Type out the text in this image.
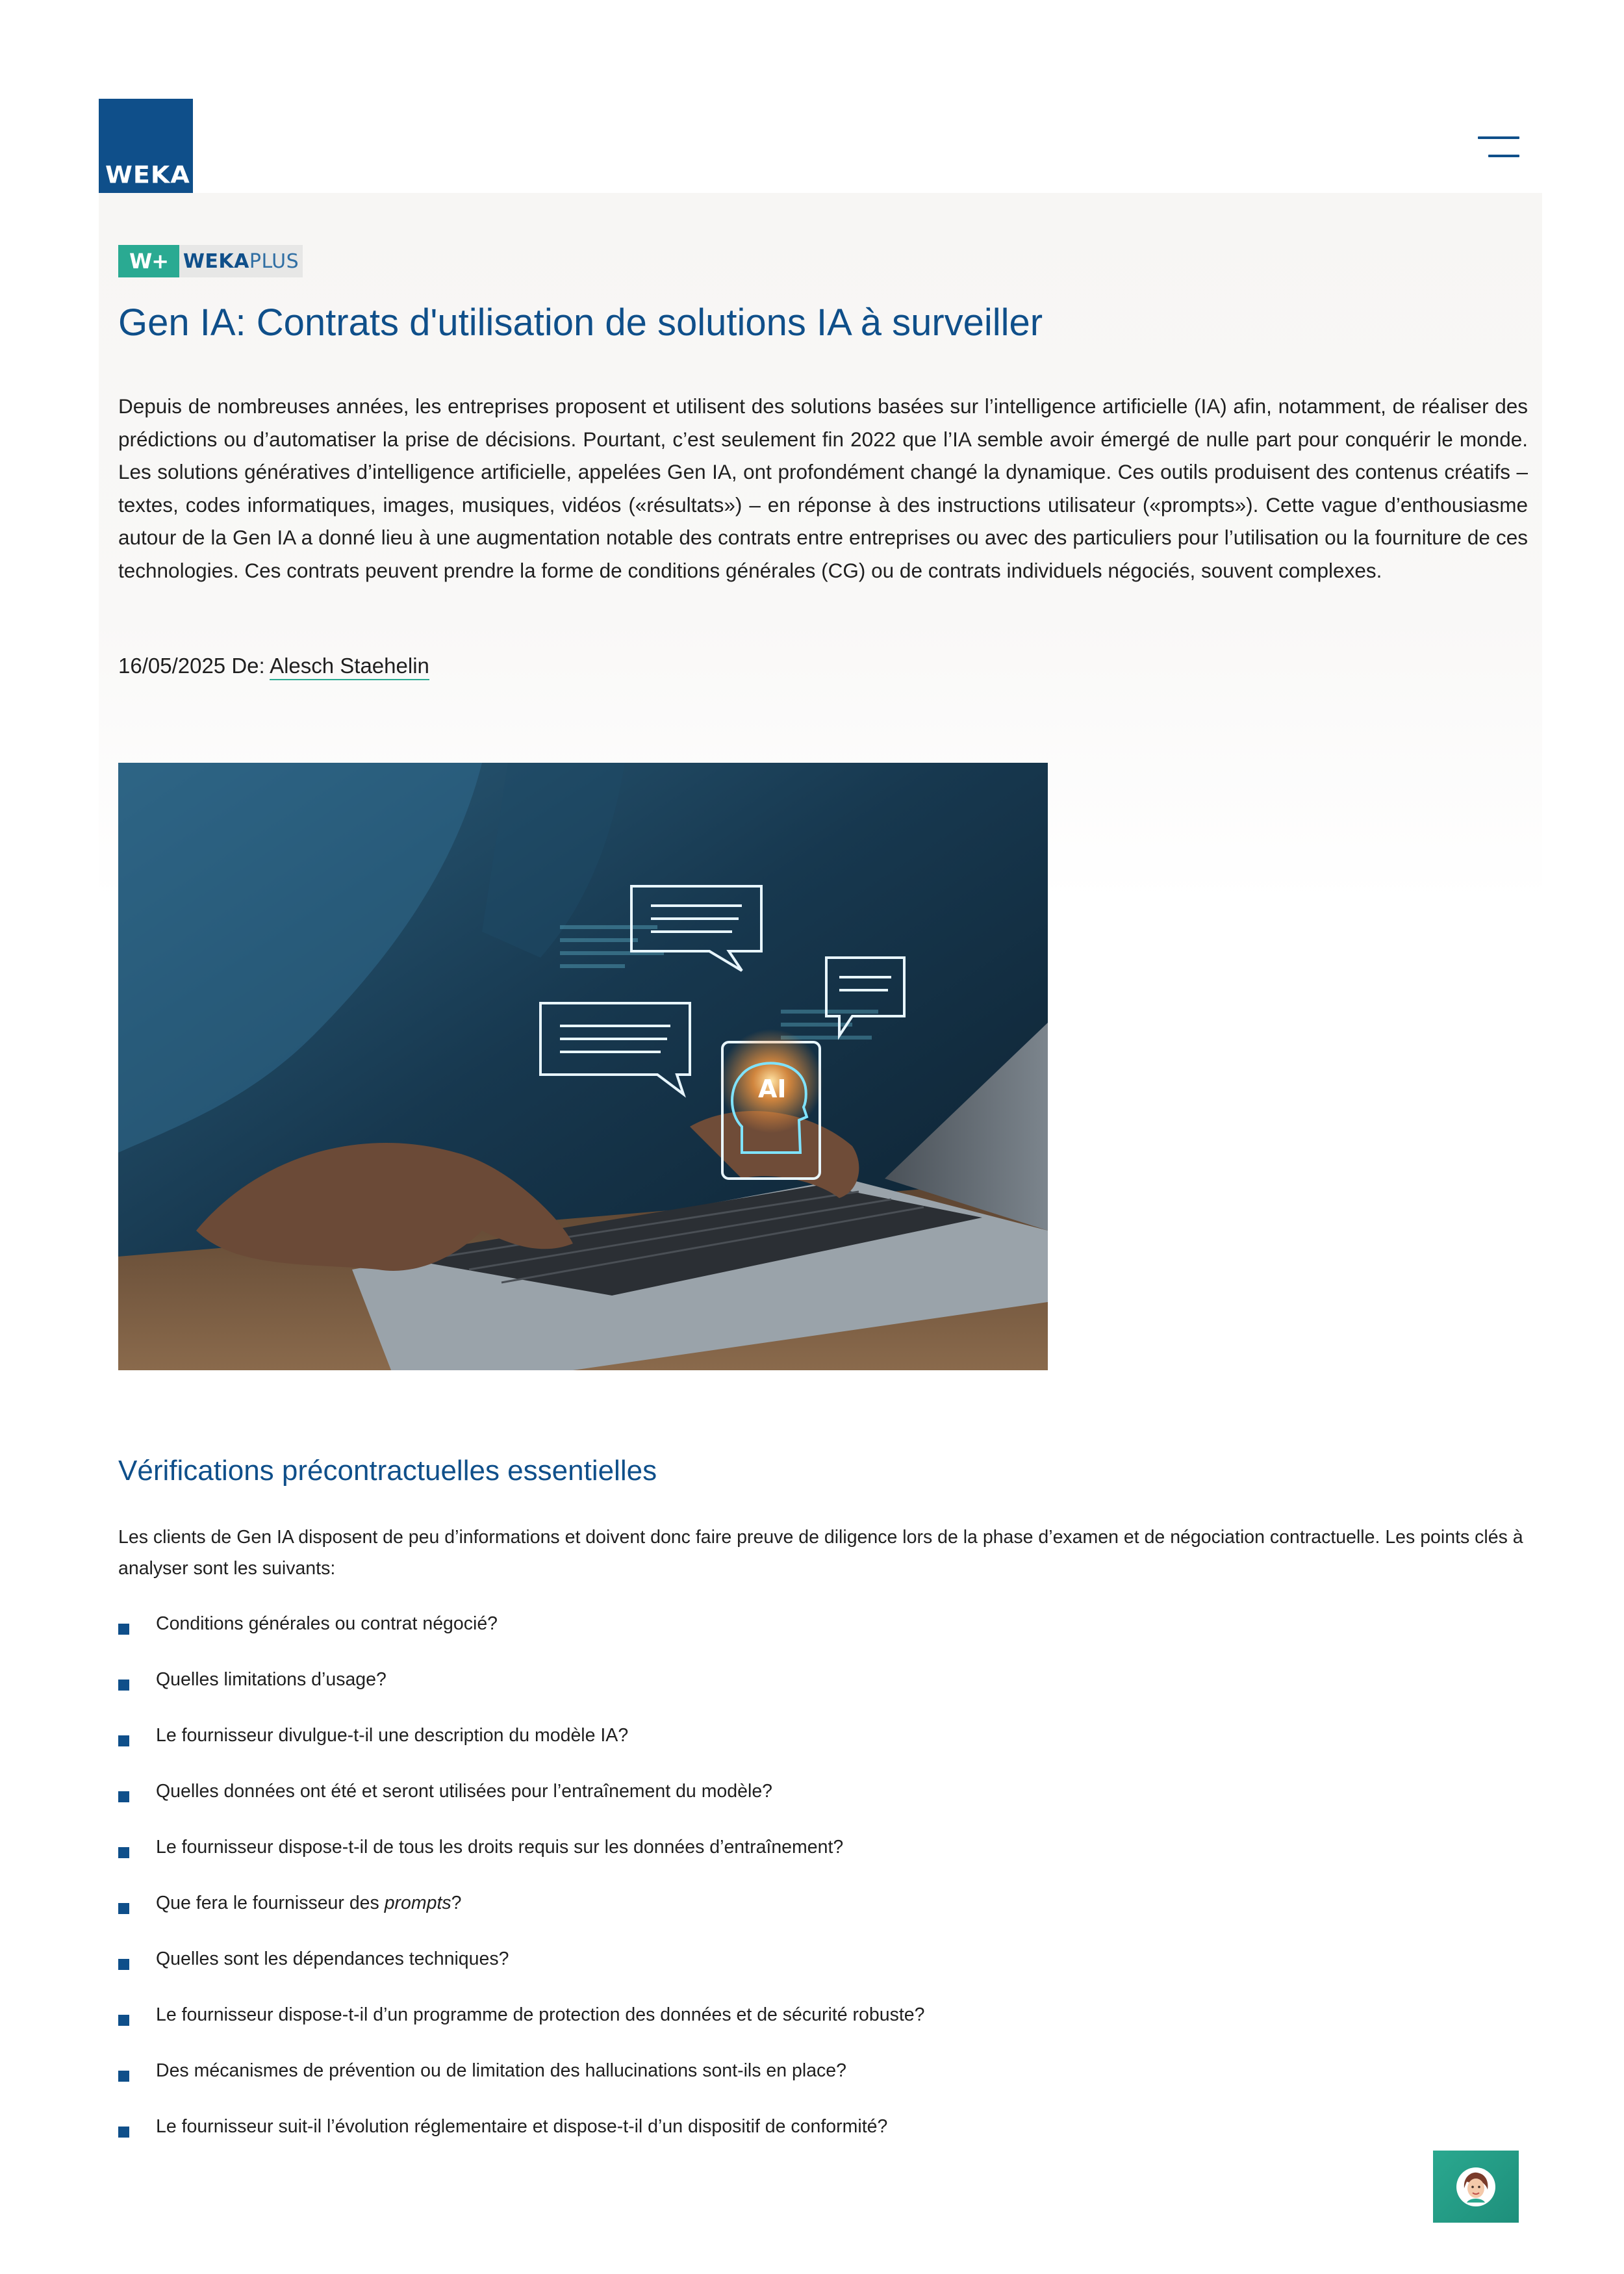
WEKA
W+ WEKA PLUS
Gen IA: Contrats d'utilisation de solutions IA à surveiller

Depuis de nombreuses années, les entreprises proposent et utilisent des solutions basées sur l’intelligence artificielle (IA) afin, notamment, de réaliser des prédictions ou d’automatiser la prise de décisions. Pourtant, c’est seulement fin 2022 que l’IA semble avoir émergé de nulle part pour conquérir le monde. Les solutions génératives d’intelligence artificielle, appelées Gen IA, ont profondément changé la dynamique. Ces outils produisent des contenus créatifs – textes, codes informatiques, images, musiques, vidéos («résultats») – en réponse à des instructions utilisateur («prompts»). Cette vague d’enthousiasme autour de la Gen IA a donné lieu à une augmentation notable des contrats entre entreprises ou avec des particuliers pour l’utilisation ou la fourniture de ces technologies. Ces contrats peuvent prendre la forme de conditions générales (CG) ou de contrats individuels négociés, souvent complexes.

16/05/2025 De: Alesch Staehelin
AI
Vérifications précontractuelles essentielles

Les clients de Gen IA disposent de peu d’informations et doivent donc faire preuve de diligence lors de la phase d’examen et de négociation contractuelle. Les points clés à analyser sont les suivants:

Conditions générales ou contrat négocié?
Quelles limitations d’usage?
Le fournisseur divulgue-t-il une description du modèle IA?
Quelles données ont été et seront utilisées pour l’entraînement du modèle?
Le fournisseur dispose-t-il de tous les droits requis sur les données d’entraînement?
Que fera le fournisseur des prompts?
Quelles sont les dépendances techniques?
Le fournisseur dispose-t-il d’un programme de protection des données et de sécurité robuste?
Des mécanismes de prévention ou de limitation des hallucinations sont-ils en place?
Le fournisseur suit-il l’évolution réglementaire et dispose-t-il d’un dispositif de conformité?
